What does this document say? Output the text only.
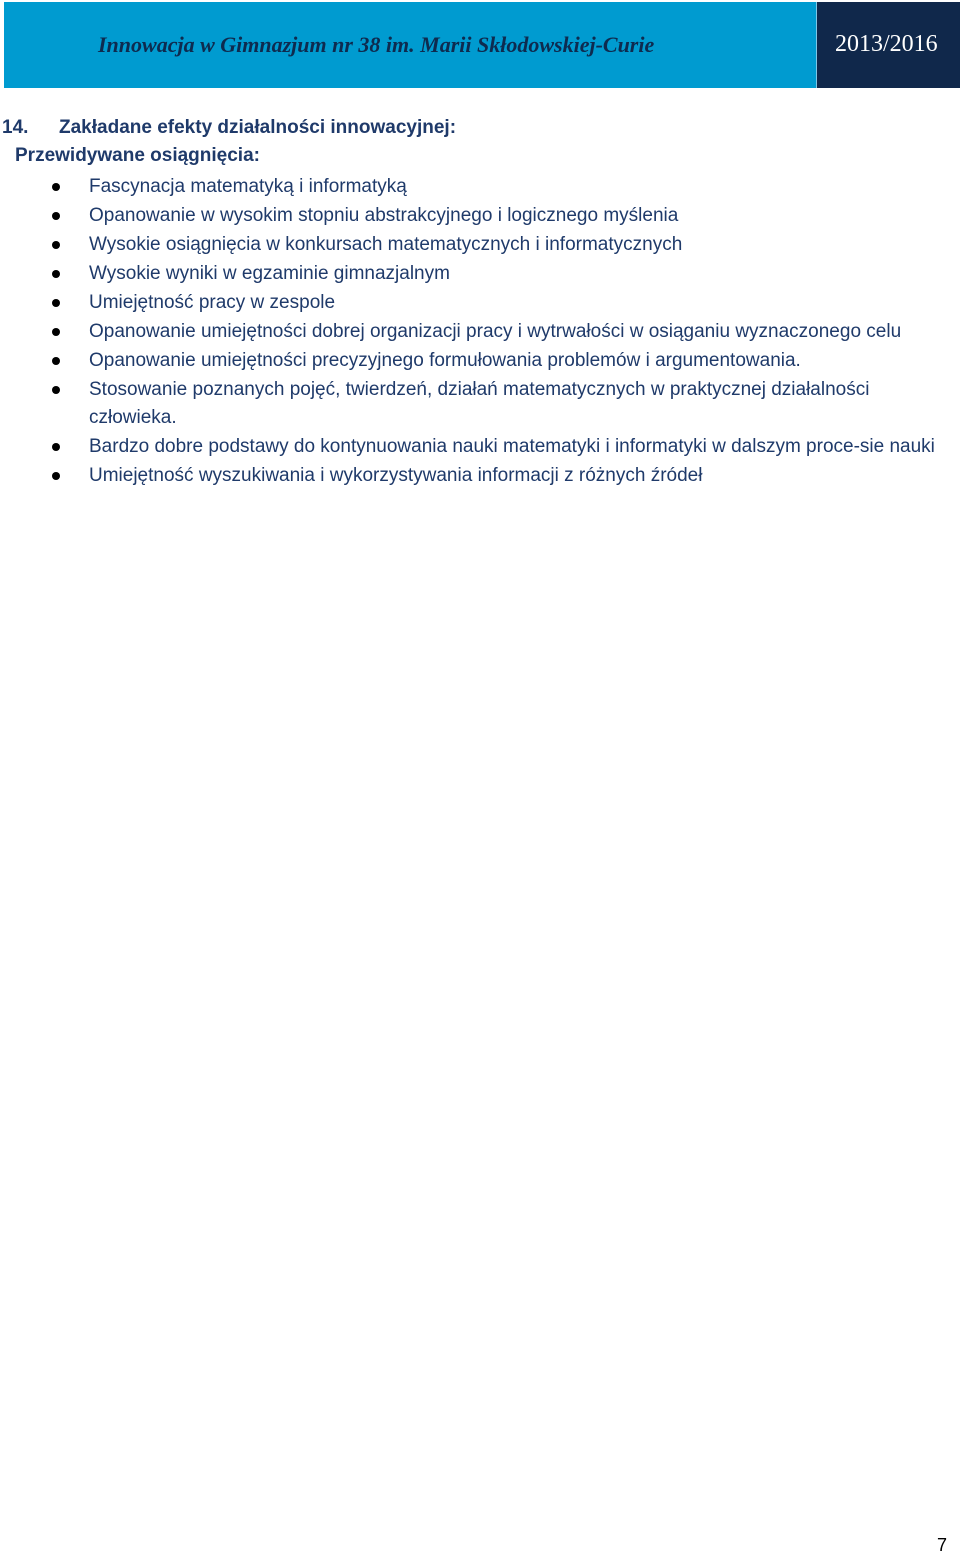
Innowacja w Gimnazjum nr 38 im. Marii Skłodowskiej-Curie	2013/2016
14.	Zakładane efekty działalności innowacyjnej:
Przewidywane osiągnięcia:
Fascynacja matematyką i informatyką
Opanowanie w wysokim stopniu abstrakcyjnego i logicznego myślenia
Wysokie osiągnięcia w konkursach matematycznych i informatycznych
Wysokie wyniki w egzaminie gimnazjalnym
Umiejętność pracy w zespole
Opanowanie umiejętności dobrej organizacji pracy i wytrwałości w osiąganiu wyznaczonego celu
Opanowanie umiejętności precyzyjnego formułowania problemów i argumentowania.
Stosowanie poznanych pojęć, twierdzeń, działań matematycznych w praktycznej działalności człowieka.
Bardzo dobre podstawy do kontynuowania nauki matematyki i informatyki w dalszym proce-sie nauki
Umiejętność wyszukiwania i wykorzystywania informacji z różnych źródeł
7
